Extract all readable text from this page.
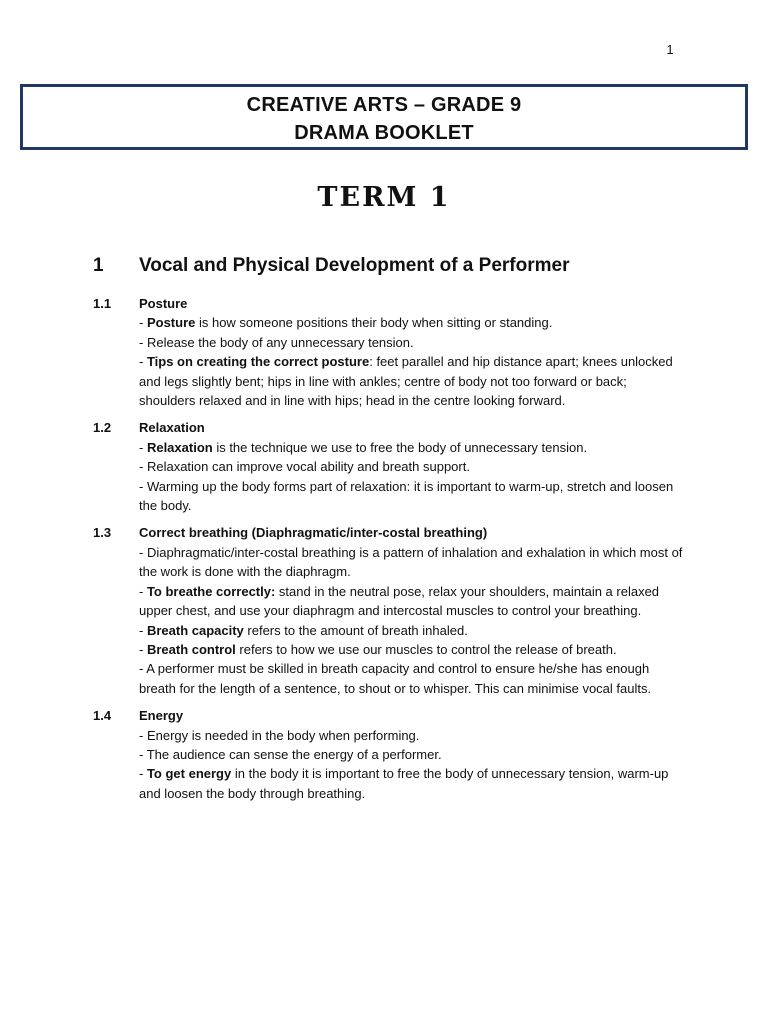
1
CREATIVE ARTS – GRADE 9
DRAMA BOOKLET
TERM 1
1	Vocal and Physical Development of a Performer
1.1	Posture
- Posture is how someone positions their body when sitting or standing.
- Release the body of any unnecessary tension.
- Tips on creating the correct posture: feet parallel and hip distance apart; knees unlocked and legs slightly bent; hips in line with ankles; centre of body not too forward or back; shoulders relaxed and in line with hips; head in the centre looking forward.
1.2	Relaxation
- Relaxation is the technique we use to free the body of unnecessary tension.
- Relaxation can improve vocal ability and breath support.
- Warming up the body forms part of relaxation: it is important to warm-up, stretch and loosen the body.
1.3	Correct breathing (Diaphragmatic/inter-costal breathing)
- Diaphragmatic/inter-costal breathing is a pattern of inhalation and exhalation in which most of the work is done with the diaphragm.
- To breathe correctly: stand in the neutral pose, relax your shoulders, maintain a relaxed upper chest, and use your diaphragm and intercostal muscles to control your breathing.
- Breath capacity refers to the amount of breath inhaled.
- Breath control refers to how we use our muscles to control the release of breath.
- A performer must be skilled in breath capacity and control to ensure he/she has enough breath for the length of a sentence, to shout or to whisper. This can minimise vocal faults.
1.4	Energy
- Energy is needed in the body when performing.
- The audience can sense the energy of a performer.
- To get energy in the body it is important to free the body of unnecessary tension, warm-up and loosen the body through breathing.
